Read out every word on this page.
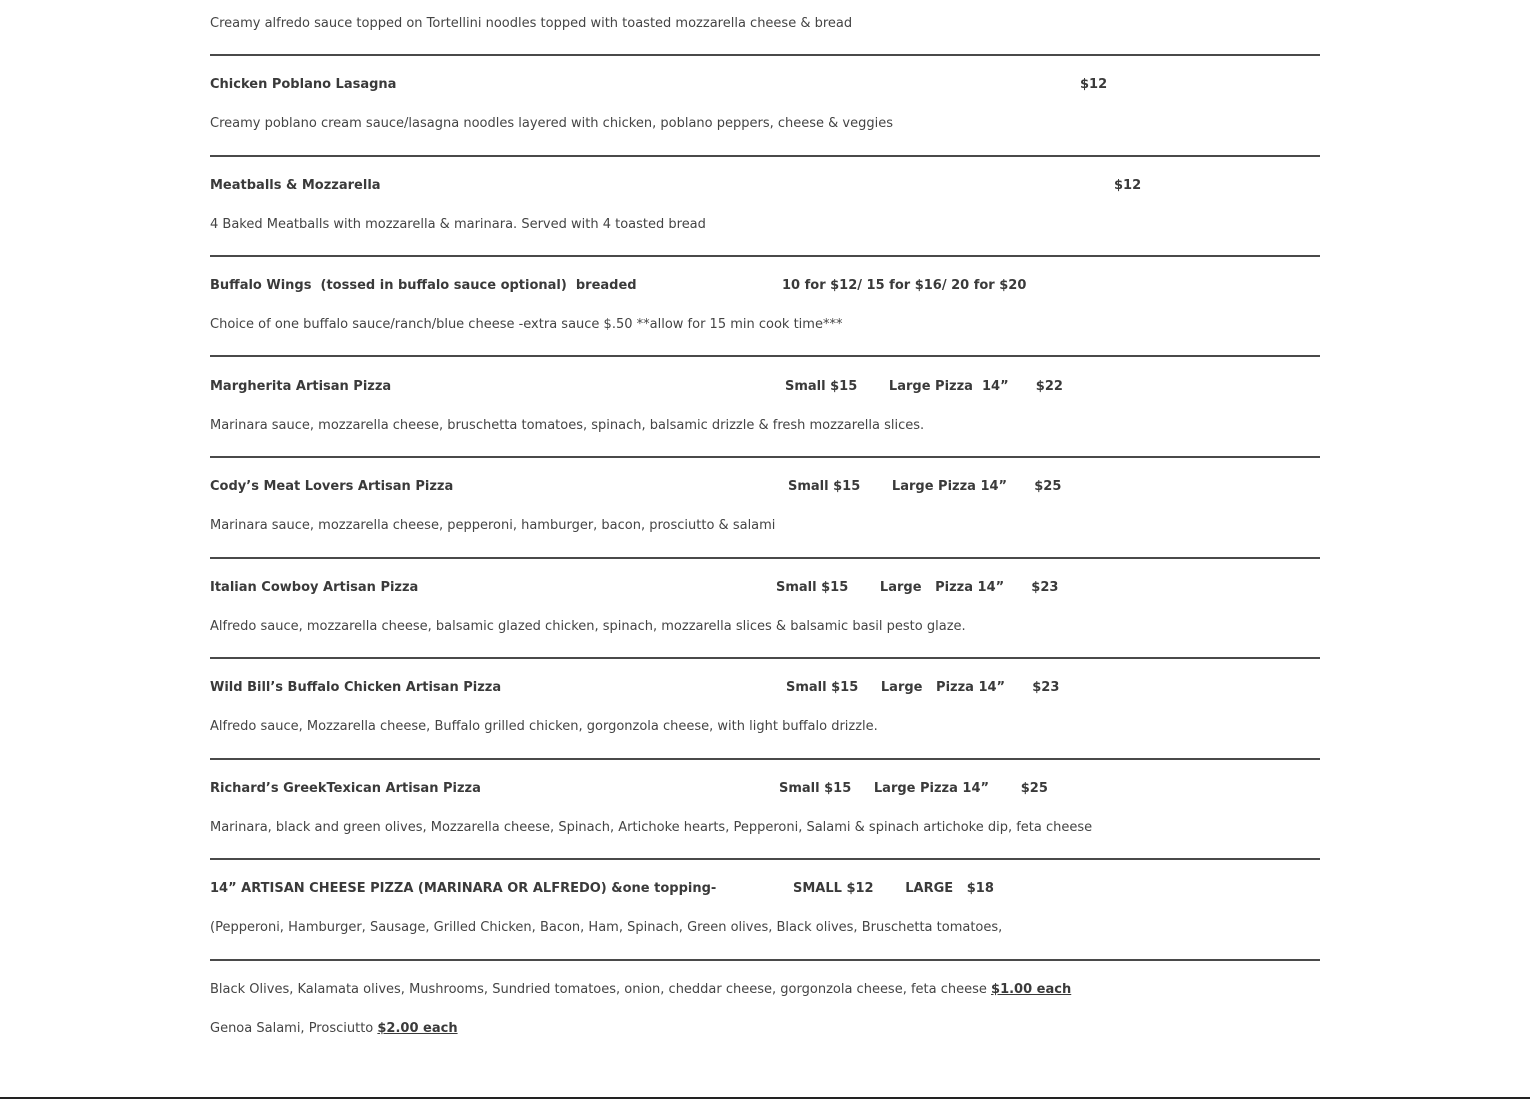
Creamy alfredo sauce topped on Tortellini noodles topped with toasted mozzarella cheese & bread
Chicken Poblano Lasagna	$12
Creamy poblano cream sauce/lasagna noodles layered with chicken, poblano peppers, cheese & veggies
Meatballs & Mozzarella	$12
4 Baked Meatballs with mozzarella & marinara. Served with 4 toasted bread
Buffalo Wings  (tossed in buffalo sauce optional)  breaded	10 for $12/ 15 for $16/ 20 for $20
Choice of one buffalo sauce/ranch/blue cheese -extra sauce $.50 **allow for 15 min cook time***
Margherita Artisan Pizza	Small $15       Large Pizza  14”      $22
Marinara sauce, mozzarella cheese, bruschetta tomatoes, spinach, balsamic drizzle & fresh mozzarella slices.
Cody’s Meat Lovers Artisan Pizza	Small $15       Large Pizza 14”      $25
Marinara sauce, mozzarella cheese, pepperoni, hamburger, bacon, prosciutto & salami
Italian Cowboy Artisan Pizza	Small $15       Large   Pizza 14”      $23
Alfredo sauce, mozzarella cheese, balsamic glazed chicken, spinach, mozzarella slices & balsamic basil pesto glaze.
Wild Bill’s Buffalo Chicken Artisan Pizza	Small $15     Large   Pizza 14”      $23
Alfredo sauce, Mozzarella cheese, Buffalo grilled chicken, gorgonzola cheese, with light buffalo drizzle.
Richard’s GreekTexican Artisan Pizza	Small $15     Large Pizza 14”       $25
Marinara, black and green olives, Mozzarella cheese, Spinach, Artichoke hearts, Pepperoni, Salami & spinach artichoke dip, feta cheese
14” ARTISAN CHEESE PIZZA (MARINARA OR ALFREDO) &one topping-	SMALL $12       LARGE   $18
(Pepperoni, Hamburger, Sausage, Grilled Chicken, Bacon, Ham, Spinach, Green olives, Black olives, Bruschetta tomatoes,
Black Olives, Kalamata olives, Mushrooms, Sundried tomatoes, onion, cheddar cheese, gorgonzola cheese, feta cheese $1.00 each
Genoa Salami, Prosciutto $2.00 each
